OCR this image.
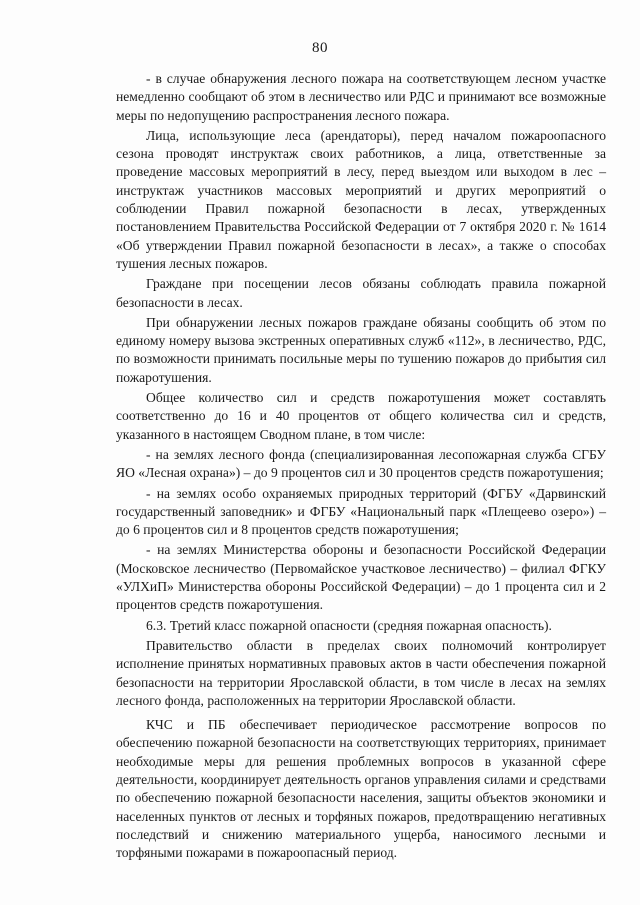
80

- в случае обнаружения лесного пожара на соответствующем лесном участке немедленно сообщают об этом в лесничество или РДС и принимают все возможные меры по недопущению распространения лесного пожара.

Лица, использующие леса (арендаторы), перед началом пожароопасного сезона проводят инструктаж своих работников, а лица, ответственные за проведение массовых мероприятий в лесу, перед выездом или выходом в лес – инструктаж участников массовых мероприятий и других мероприятий о соблюдении Правил пожарной безопасности в лесах, утвержденных постановлением Правительства Российской Федерации от 7 октября 2020 г. № 1614 «Об утверждении Правил пожарной безопасности в лесах», а также о способах тушения лесных пожаров.

Граждане при посещении лесов обязаны соблюдать правила пожарной безопасности в лесах.

При обнаружении лесных пожаров граждане обязаны сообщить об этом по единому номеру вызова экстренных оперативных служб «112», в лесничество, РДС, по возможности принимать посильные меры по тушению пожаров до прибытия сил пожаротушения.

Общее количество сил и средств пожаротушения может составлять соответственно до 16 и 40 процентов от общего количества сил и средств, указанного в настоящем Сводном плане, в том числе:

- на землях лесного фонда (специализированная лесопожарная служба СГБУ ЯО «Лесная охрана») – до 9 процентов сил и 30 процентов средств пожаротушения;

- на землях особо охраняемых природных территорий (ФГБУ «Дарвинский государственный заповедник» и ФГБУ «Национальный парк «Плещеево озеро») – до 6 процентов сил и 8 процентов средств пожаротушения;

- на землях Министерства обороны и безопасности Российской Федерации (Московское лесничество (Первомайское участковое лесничество) – филиал ФГКУ «УЛХиП» Министерства обороны Российской Федерации) – до 1 процента сил и 2 процентов средств пожаротушения.

6.3. Третий класс пожарной опасности (средняя пожарная опасность).

Правительство области в пределах своих полномочий контролирует исполнение принятых нормативных правовых актов в части обеспечения пожарной безопасности на территории Ярославской области, в том числе в лесах на землях лесного фонда, расположенных на территории Ярославской области.

КЧС и ПБ обеспечивает периодическое рассмотрение вопросов по обеспечению пожарной безопасности на соответствующих территориях, принимает необходимые меры для решения проблемных вопросов в указанной сфере деятельности, координирует деятельность органов управления силами и средствами по обеспечению пожарной безопасности населения, защиты объектов экономики и населенных пунктов от лесных и торфяных пожаров, предотвращению негативных последствий и снижению материального ущерба, наносимого лесными и торфяными пожарами в пожароопасный период.
